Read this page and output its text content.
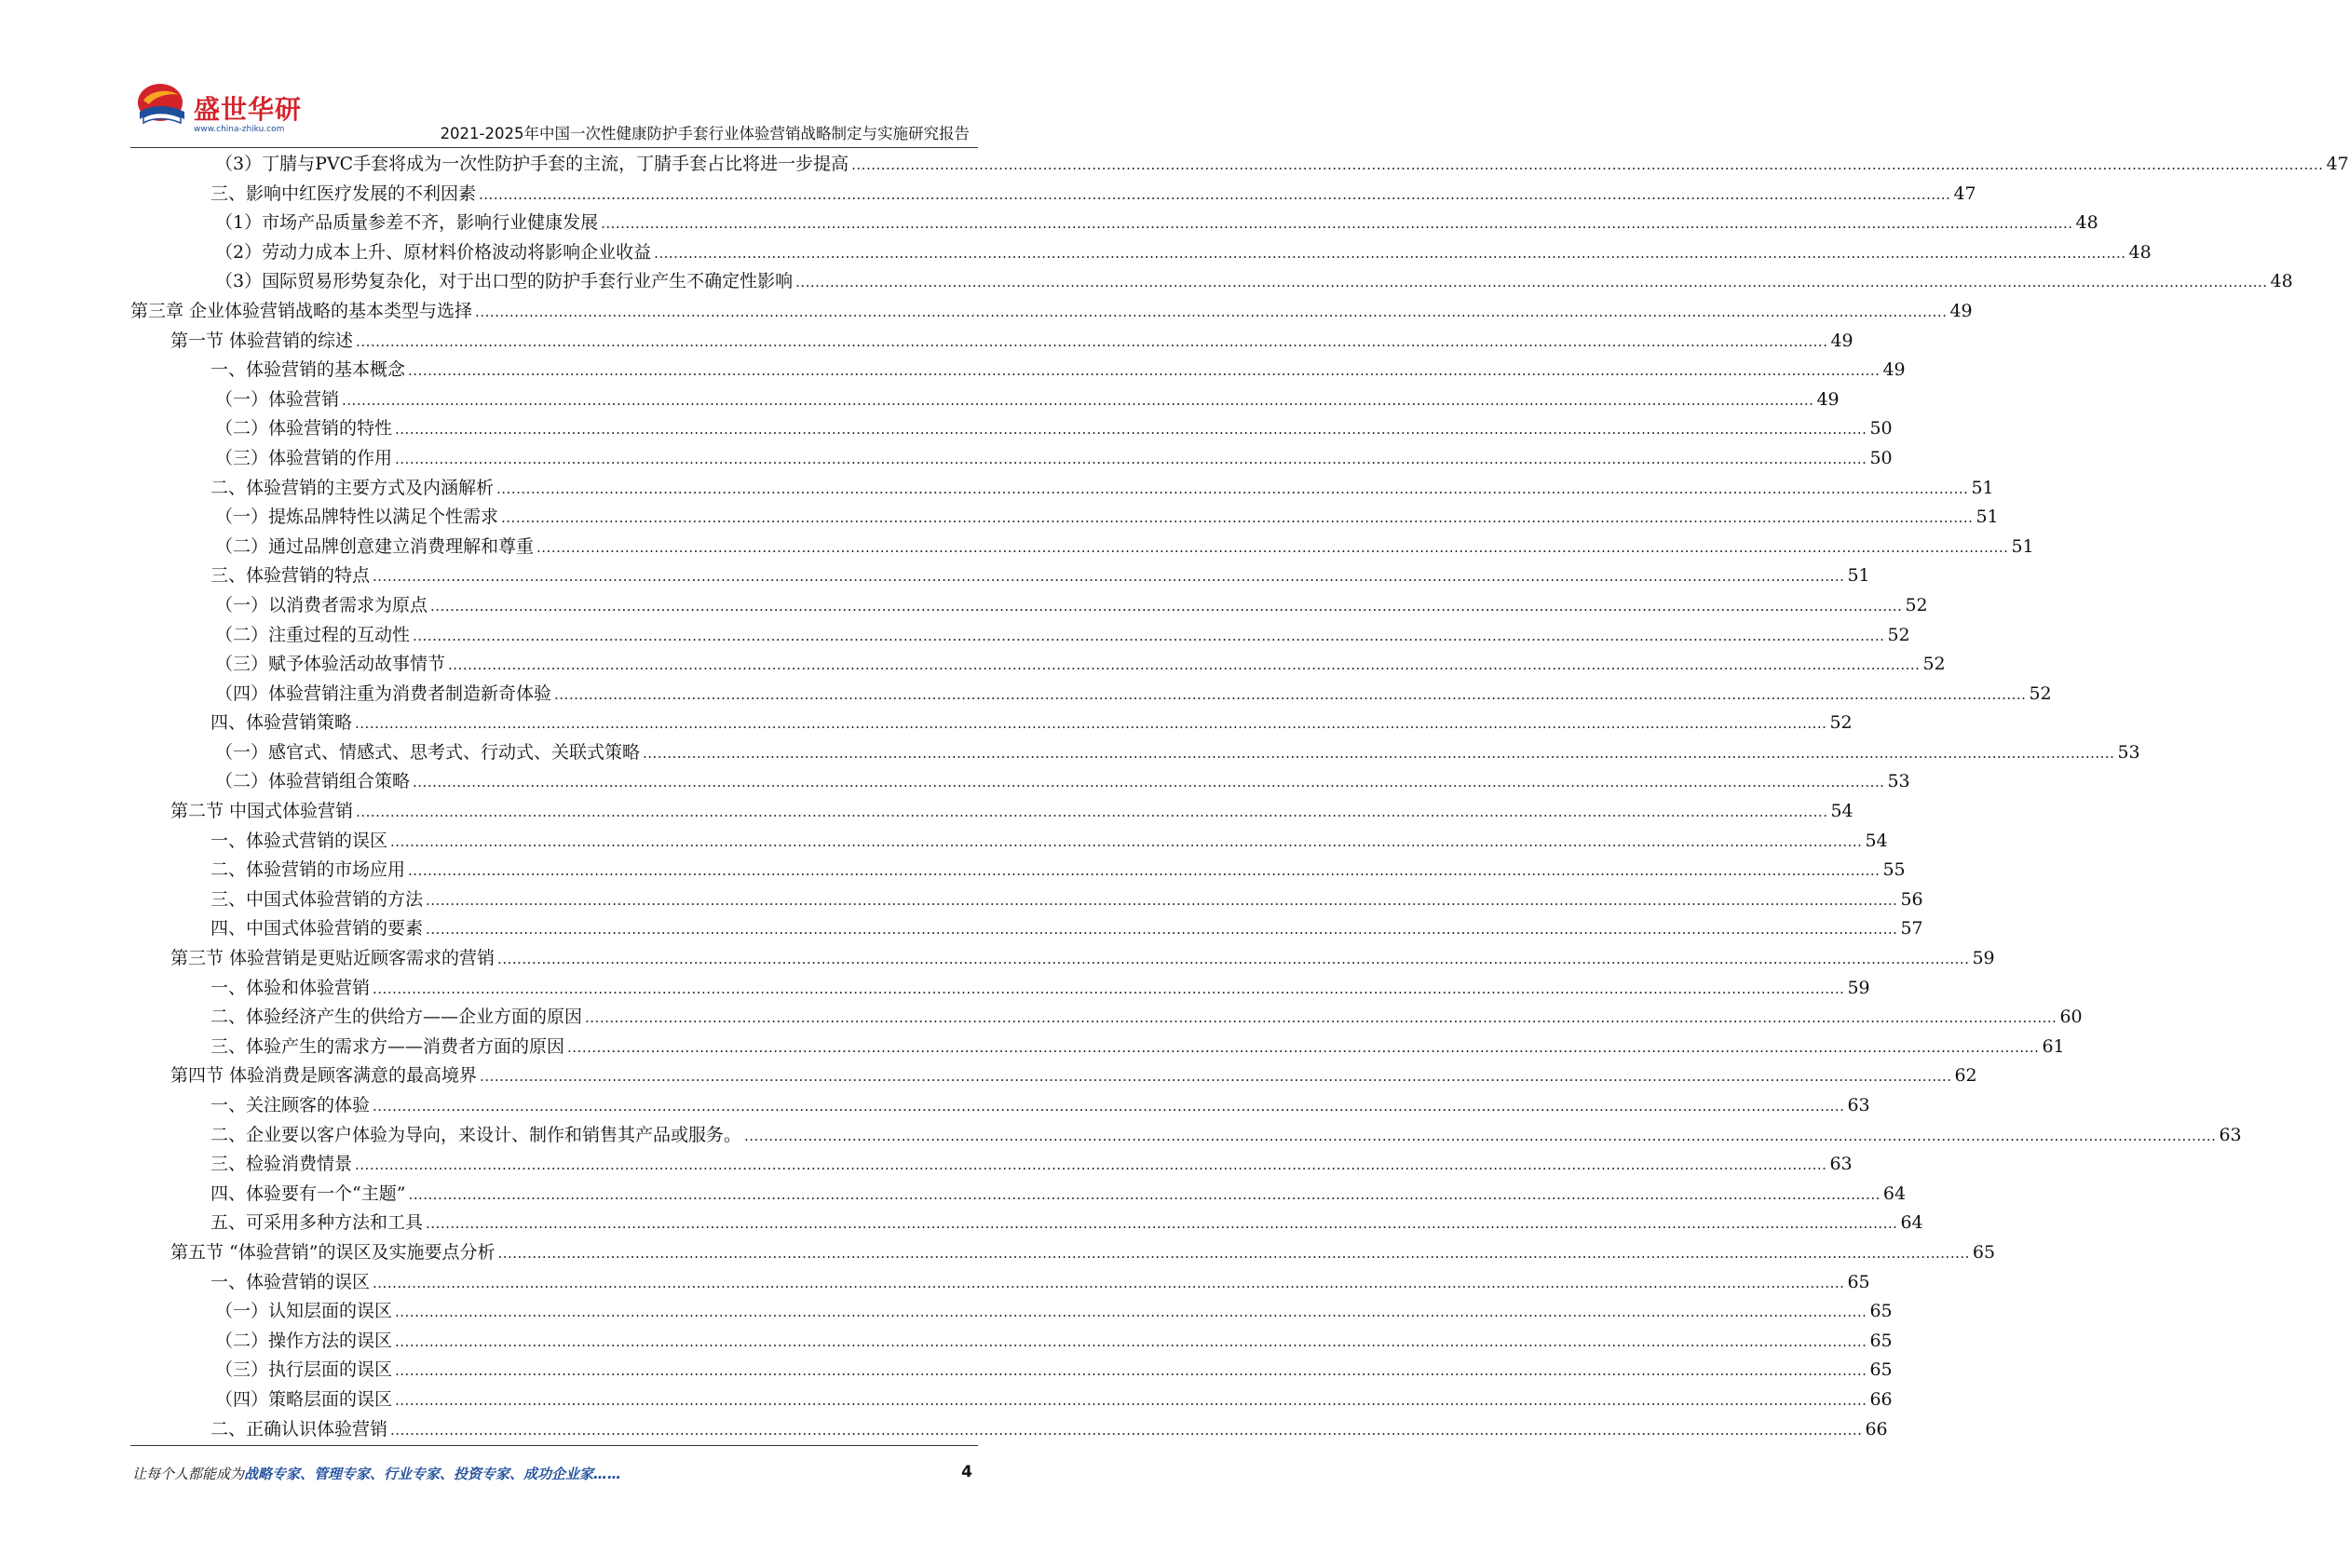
盛世华研
www.china-zhiku.com	2021-2025年中国一次性健康防护手套行业体验营销战略制定与实施研究报告
（3）丁腈与PVC手套将成为一次性防护手套的主流，丁腈手套占比将进一步提高 ............................................................................................................................................................................................................................................................................................................ 47
三、影响中红医疗发展的不利因素 ............................................................................................................................................................................................................................................................................................................ 47
（1）市场产品质量参差不齐，影响行业健康发展 ............................................................................................................................................................................................................................................................................................................ 48
（2）劳动力成本上升、原材料价格波动将影响企业收益 ............................................................................................................................................................................................................................................................................................................ 48
（3）国际贸易形势复杂化，对于出口型的防护手套行业产生不确定性影响 ............................................................................................................................................................................................................................................................................................................ 48
第三章 企业体验营销战略的基本类型与选择 ............................................................................................................................................................................................................................................................................................................ 49
第一节 体验营销的综述 ............................................................................................................................................................................................................................................................................................................ 49
一、体验营销的基本概念 ............................................................................................................................................................................................................................................................................................................ 49
（一）体验营销 ............................................................................................................................................................................................................................................................................................................ 49
（二）体验营销的特性 ............................................................................................................................................................................................................................................................................................................ 50
（三）体验营销的作用 ............................................................................................................................................................................................................................................................................................................ 50
二、体验营销的主要方式及内涵解析 ............................................................................................................................................................................................................................................................................................................ 51
（一）提炼品牌特性以满足个性需求 ............................................................................................................................................................................................................................................................................................................ 51
（二）通过品牌创意建立消费理解和尊重 ............................................................................................................................................................................................................................................................................................................ 51
三、体验营销的特点 ............................................................................................................................................................................................................................................................................................................ 51
（一）以消费者需求为原点 ............................................................................................................................................................................................................................................................................................................ 52
（二）注重过程的互动性 ............................................................................................................................................................................................................................................................................................................ 52
（三）赋予体验活动故事情节 ............................................................................................................................................................................................................................................................................................................ 52
（四）体验营销注重为消费者制造新奇体验 ............................................................................................................................................................................................................................................................................................................ 52
四、体验营销策略 ............................................................................................................................................................................................................................................................................................................ 52
（一）感官式、情感式、思考式、行动式、关联式策略 ............................................................................................................................................................................................................................................................................................................ 53
（二）体验营销组合策略 ............................................................................................................................................................................................................................................................................................................ 53
第二节 中国式体验营销 ............................................................................................................................................................................................................................................................................................................ 54
一、体验式营销的误区 ............................................................................................................................................................................................................................................................................................................ 54
二、体验营销的市场应用 ............................................................................................................................................................................................................................................................................................................ 55
三、中国式体验营销的方法 ............................................................................................................................................................................................................................................................................................................ 56
四、中国式体验营销的要素 ............................................................................................................................................................................................................................................................................................................ 57
第三节 体验营销是更贴近顾客需求的营销 ............................................................................................................................................................................................................................................................................................................ 59
一、体验和体验营销 ............................................................................................................................................................................................................................................................................................................ 59
二、体验经济产生的供给方——企业方面的原因 ............................................................................................................................................................................................................................................................................................................ 60
三、体验产生的需求方——消费者方面的原因 ............................................................................................................................................................................................................................................................................................................ 61
第四节 体验消费是顾客满意的最高境界 ............................................................................................................................................................................................................................................................................................................ 62
一、关注顾客的体验 ............................................................................................................................................................................................................................................................................................................ 63
二、企业要以客户体验为导向，来设计、制作和销售其产品或服务。 ............................................................................................................................................................................................................................................................................................................ 63
三、检验消费情景 ............................................................................................................................................................................................................................................................................................................ 63
四、体验要有一个“主题” ............................................................................................................................................................................................................................................................................................................ 64
五、可采用多种方法和工具 ............................................................................................................................................................................................................................................................................................................ 64
第五节 “体验营销”的误区及实施要点分析 ............................................................................................................................................................................................................................................................................................................ 65
一、体验营销的误区 ............................................................................................................................................................................................................................................................................................................ 65
（一）认知层面的误区 ............................................................................................................................................................................................................................................................................................................ 65
（二）操作方法的误区 ............................................................................................................................................................................................................................................................................................................ 65
（三）执行层面的误区 ............................................................................................................................................................................................................................................................................................................ 65
（四）策略层面的误区 ............................................................................................................................................................................................................................................................................................................ 66
二、正确认识体验营销 ............................................................................................................................................................................................................................................................................................................ 66
让每个人都能成为战略专家、管理专家、行业专家、投资专家、成功企业家……	4
